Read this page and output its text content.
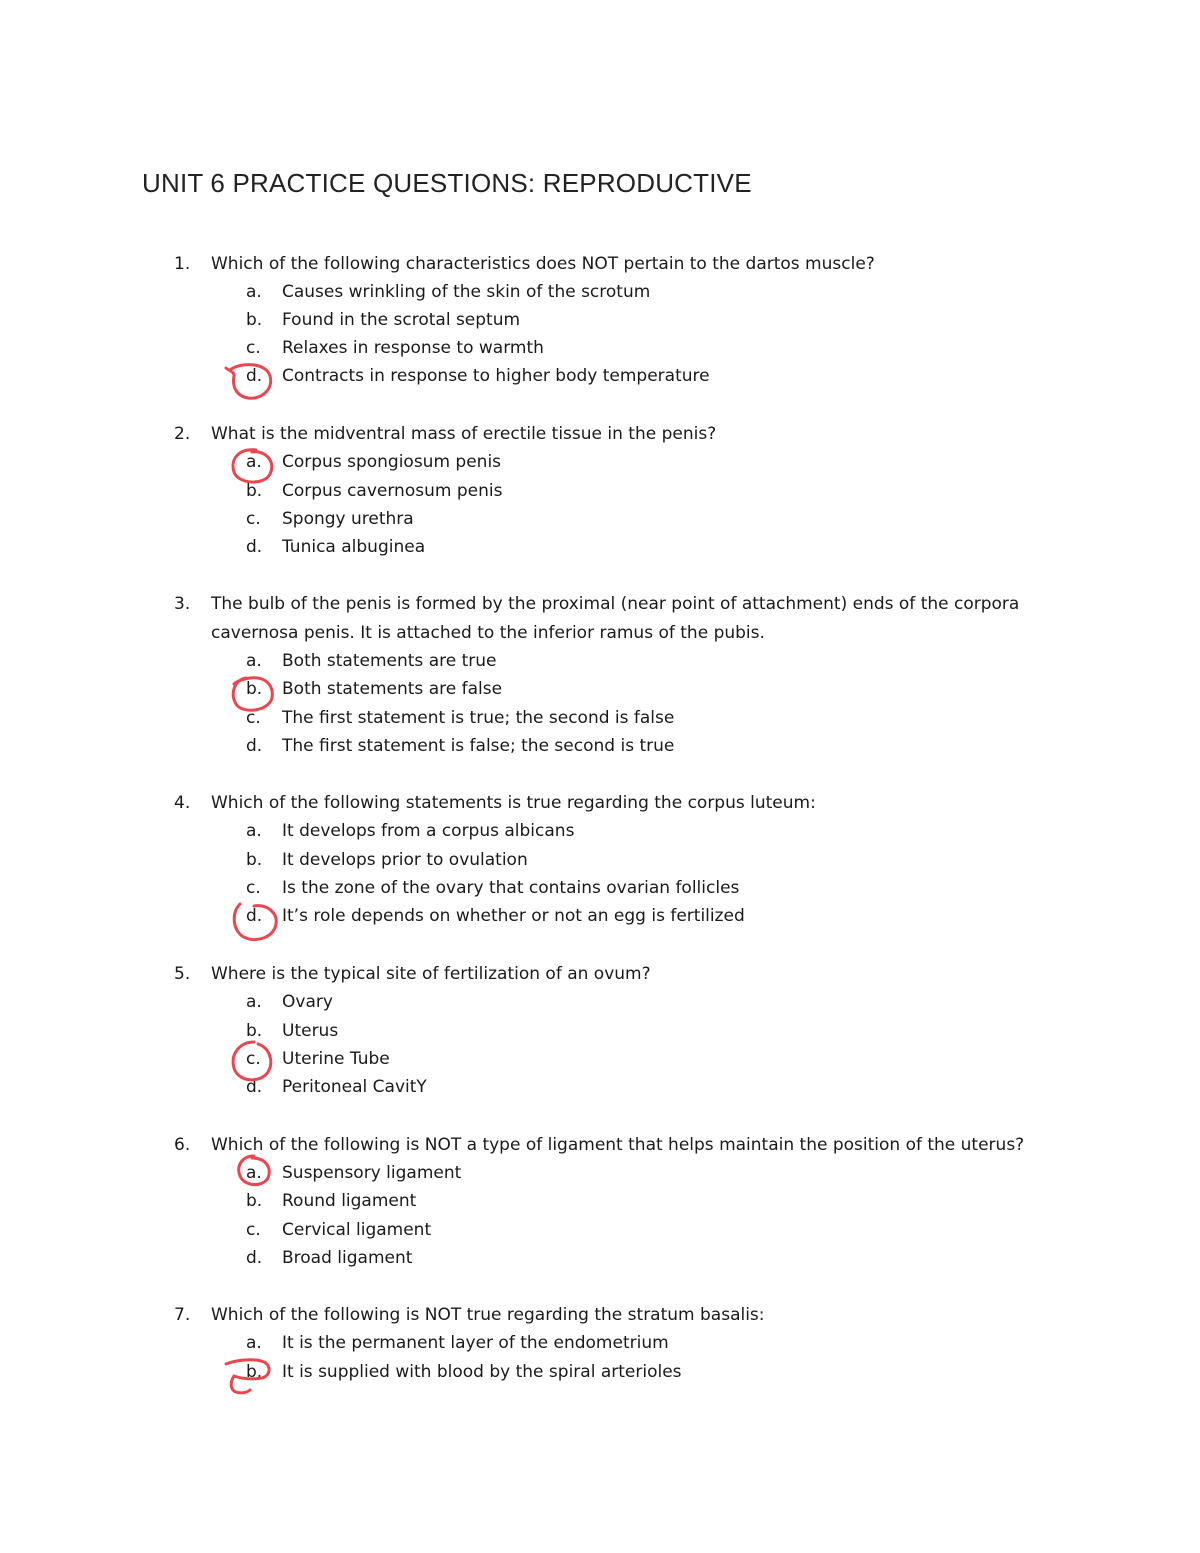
UNIT 6 PRACTICE QUESTIONS: REPRODUCTIVE
1. Which of the following characteristics does NOT pertain to the dartos muscle?
a. Causes wrinkling of the skin of the scrotum
b. Found in the scrotal septum
c. Relaxes in response to warmth
d. Contracts in response to higher body temperature
2. What is the midventral mass of erectile tissue in the penis?
a. Corpus spongiosum penis
b. Corpus cavernosum penis
c. Spongy urethra
d. Tunica albuginea
3. The bulb of the penis is formed by the proximal (near point of attachment) ends of the corpora cavernosa penis. It is attached to the inferior ramus of the pubis.
a. Both statements are true
b. Both statements are false
c. The first statement is true; the second is false
d. The first statement is false; the second is true
4. Which of the following statements is true regarding the corpus luteum:
a. It develops from a corpus albicans
b. It develops prior to ovulation
c. Is the zone of the ovary that contains ovarian follicles
d. It’s role depends on whether or not an egg is fertilized
5. Where is the typical site of fertilization of an ovum?
a. Ovary
b. Uterus
c. Uterine Tube
d. Peritoneal CavitY
6. Which of the following is NOT a type of ligament that helps maintain the position of the uterus?
a. Suspensory ligament
b. Round ligament
c. Cervical ligament
d. Broad ligament
7. Which of the following is NOT true regarding the stratum basalis:
a. It is the permanent layer of the endometrium
b. It is supplied with blood by the spiral arterioles
